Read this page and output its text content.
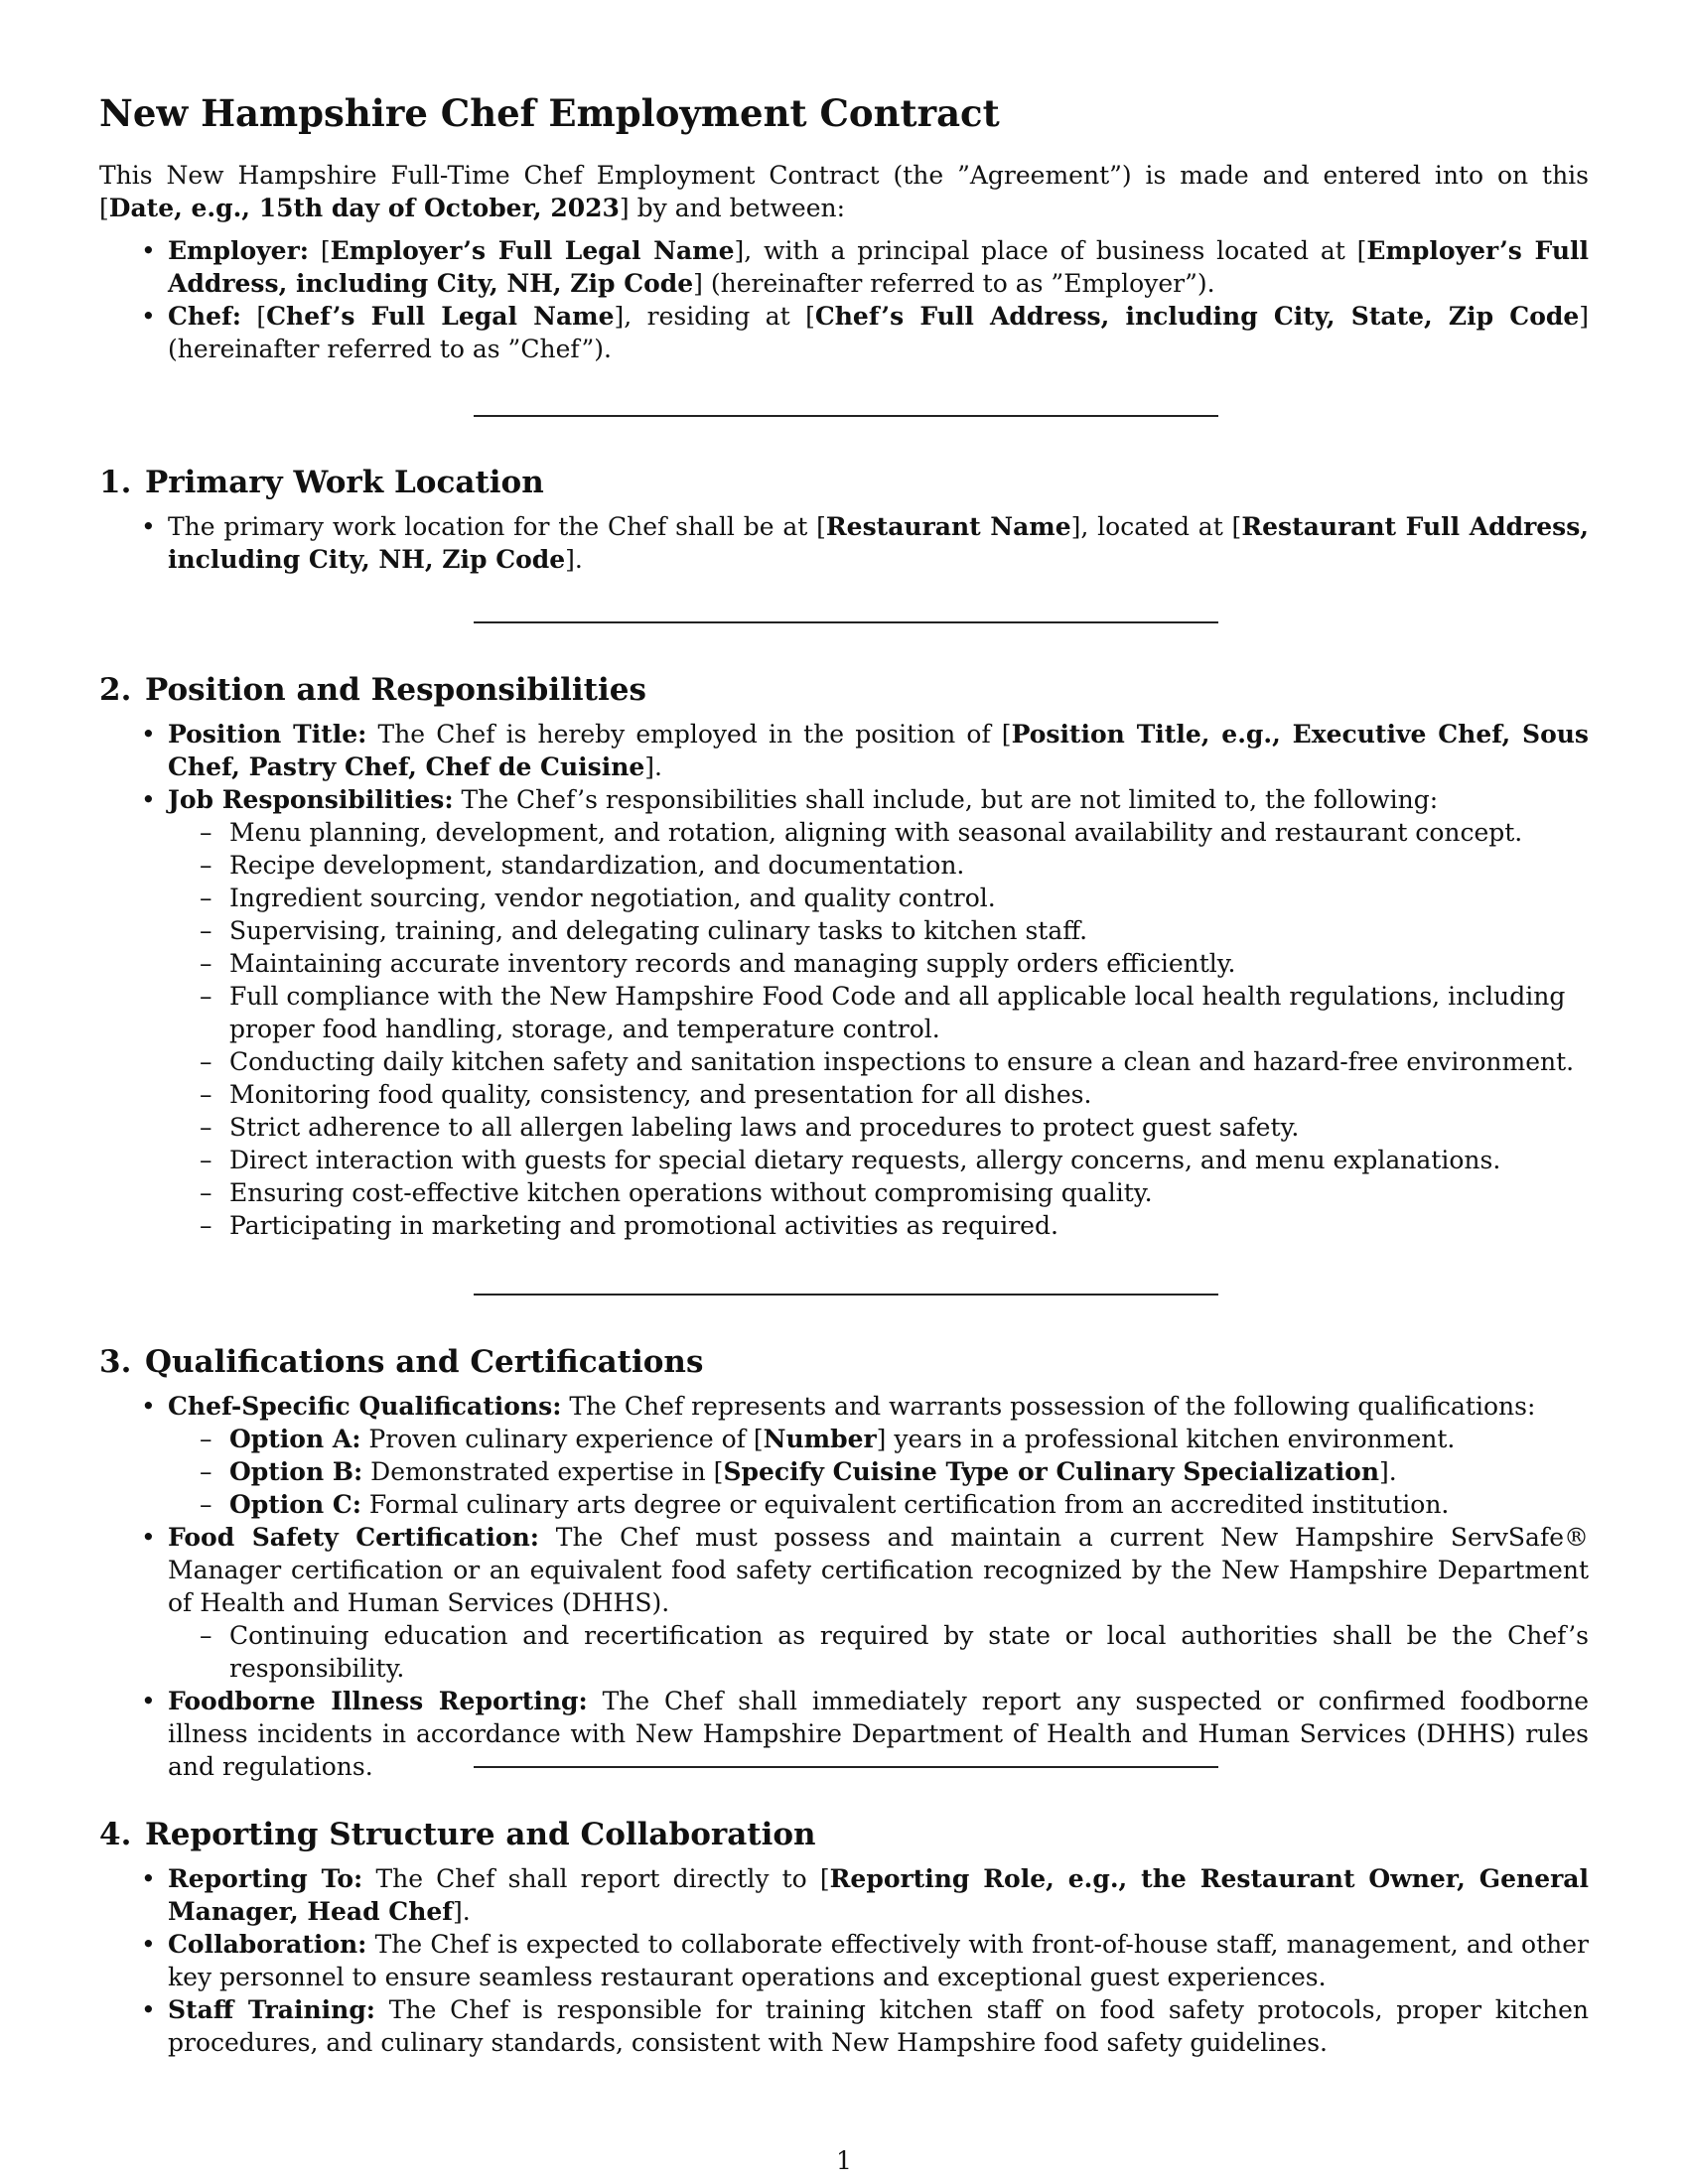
New Hampshire Chef Employment Contract

This New Hampshire Full-Time Chef Employment Contract (the ”Agreement”) is made and entered into on this [Date, e.g., 15th day of October, 2023] by and between:

• Employer: [Employer’s Full Legal Name], with a principal place of business located at [Employer’s Full Address, including City, NH, Zip Code] (hereinafter referred to as ”Employer”).
• Chef: [Chef’s Full Legal Name], residing at [Chef’s Full Address, including City, State, Zip Code] (hereinafter referred to as ”Chef”).
1. Primary Work Location
• The primary work location for the Chef shall be at [Restaurant Name], located at [Restaurant Full Address, including City, NH, Zip Code].
2. Position and Responsibilities
• Position Title: The Chef is hereby employed in the position of [Position Title, e.g., Executive Chef, Sous Chef, Pastry Chef, Chef de Cuisine].
• Job Responsibilities: The Chef’s responsibilities shall include, but are not limited to, the following:
– Menu planning, development, and rotation, aligning with seasonal availability and restaurant concept.
– Recipe development, standardization, and documentation.
– Ingredient sourcing, vendor negotiation, and quality control.
– Supervising, training, and delegating culinary tasks to kitchen staff.
– Maintaining accurate inventory records and managing supply orders efficiently.
– Full compliance with the New Hampshire Food Code and all applicable local health regulations, including proper food handling, storage, and temperature control.
– Conducting daily kitchen safety and sanitation inspections to ensure a clean and hazard-free environment.
– Monitoring food quality, consistency, and presentation for all dishes.
– Strict adherence to all allergen labeling laws and procedures to protect guest safety.
– Direct interaction with guests for special dietary requests, allergy concerns, and menu explanations.
– Ensuring cost-effective kitchen operations without compromising quality.
– Participating in marketing and promotional activities as required.
3. Qualifications and Certifications
• Chef-Specific Qualifications: The Chef represents and warrants possession of the following qualifications:
– Option A: Proven culinary experience of [Number] years in a professional kitchen environment.
– Option B: Demonstrated expertise in [Specify Cuisine Type or Culinary Specialization].
– Option C: Formal culinary arts degree or equivalent certification from an accredited institution.
• Food Safety Certification: The Chef must possess and maintain a current New Hampshire ServSafe® Manager certification or an equivalent food safety certification recognized by the New Hampshire Department of Health and Human Services (DHHS).
– Continuing education and recertification as required by state or local authorities shall be the Chef’s responsibility.
• Foodborne Illness Reporting: The Chef shall immediately report any suspected or confirmed foodborne illness incidents in accordance with New Hampshire Department of Health and Human Services (DHHS) rules and regulations.
4. Reporting Structure and Collaboration
• Reporting To: The Chef shall report directly to [Reporting Role, e.g., the Restaurant Owner, General Manager, Head Chef].
• Collaboration: The Chef is expected to collaborate effectively with front-of-house staff, management, and other key personnel to ensure seamless restaurant operations and exceptional guest experiences.
• Staff Training: The Chef is responsible for training kitchen staff on food safety protocols, proper kitchen procedures, and culinary standards, consistent with New Hampshire food safety guidelines.
1
